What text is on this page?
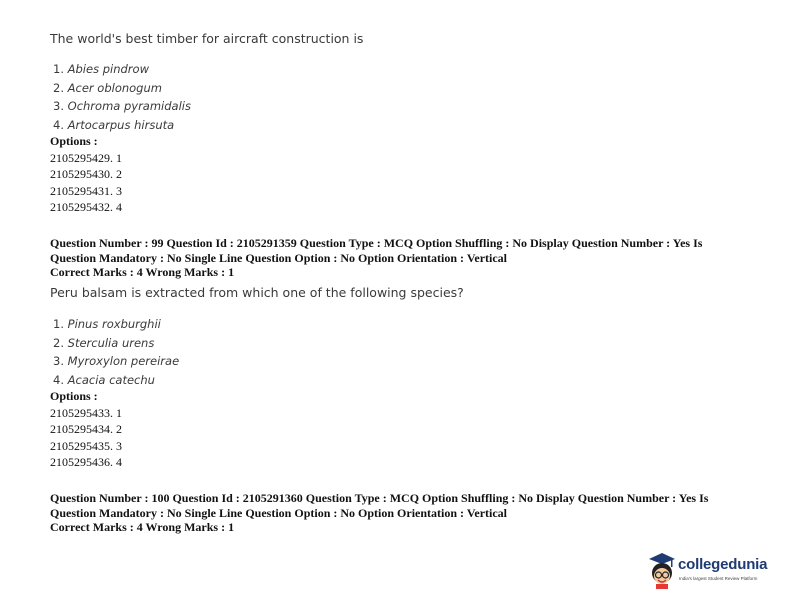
The world's best timber for aircraft construction is

1. Abies pindrow
2. Acer oblonogum
3. Ochroma pyramidalis
4. Artocarpus hirsuta
Options :
2105295429. 1
2105295430. 2
2105295431. 3
2105295432. 4
Question Number : 99 Question Id : 2105291359 Question Type : MCQ Option Shuffling : No Display Question Number : Yes Is
Question Mandatory : No Single Line Question Option : No Option Orientation : Vertical
Correct Marks : 4 Wrong Marks : 1

Peru balsam is extracted from which one of the following species?

1. Pinus roxburghii
2. Sterculia urens
3. Myroxylon pereirae
4. Acacia catechu
Options :
2105295433. 1
2105295434. 2
2105295435. 3
2105295436. 4
Question Number : 100 Question Id : 2105291360 Question Type : MCQ Option Shuffling : No Display Question Number : Yes Is
Question Mandatory : No Single Line Question Option : No Option Orientation : Vertical
Correct Marks : 4 Wrong Marks : 1
collegedunia
India's largest Student Review Platform
